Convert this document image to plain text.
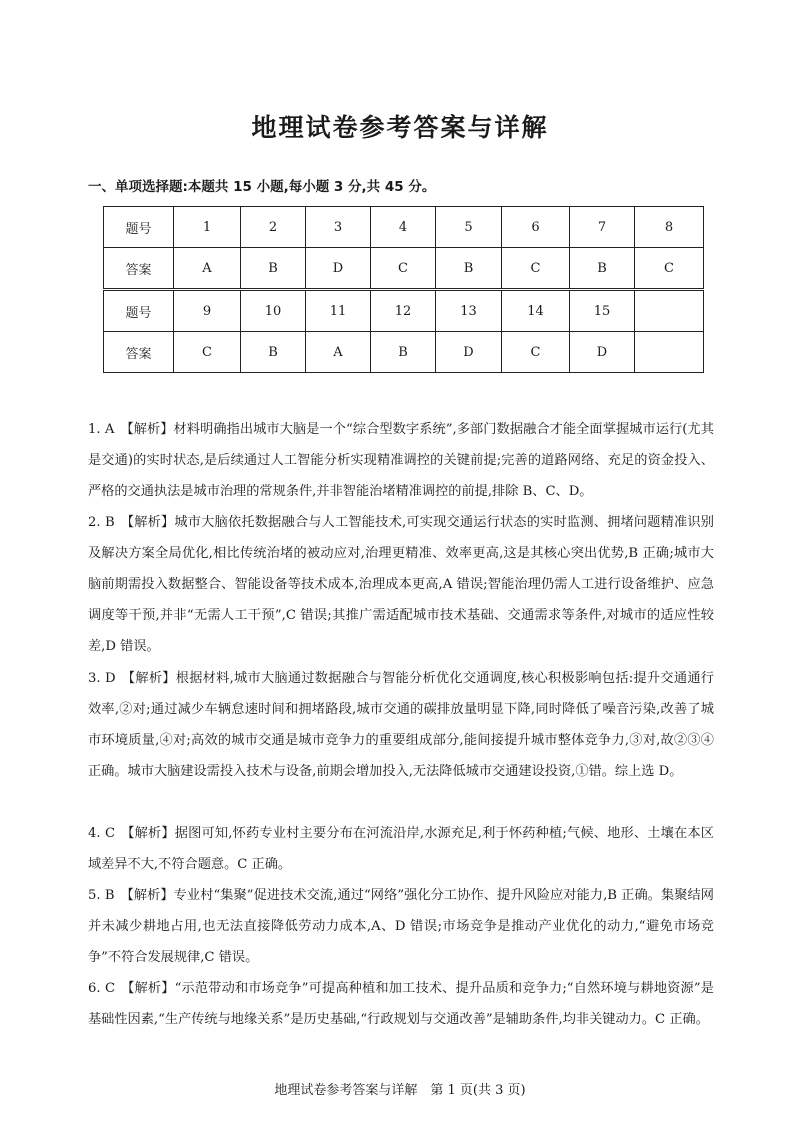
地理试卷参考答案与详解
一、单项选择题:本题共 15 小题,每小题 3 分,共 45 分。
题号	1	2	3	4	5	6	7	8
答案	A	B	D	C	B	C	B	C
题号	9	10	11	12	13	14	15	
答案	C	B	A	B	D	C	D	

1. A 【解析】材料明确指出城市大脑是一个“综合型数字系统”,多部门数据融合才能全面掌握城市运行(尤其是交通)的实时状态,是后续通过人工智能分析实现精准调控的关键前提;完善的道路网络、充足的资金投入、严格的交通执法是城市治理的常规条件,并非智能治堵精准调控的前提,排除 B、C、D。

2. B 【解析】城市大脑依托数据融合与人工智能技术,可实现交通运行状态的实时监测、拥堵问题精准识别及解决方案全局优化,相比传统治堵的被动应对,治理更精准、效率更高,这是其核心突出优势,B 正确;城市大脑前期需投入数据整合、智能设备等技术成本,治理成本更高,A 错误;智能治理仍需人工进行设备维护、应急调度等干预,并非“无需人工干预”,C 错误;其推广需适配城市技术基础、交通需求等条件,对城市的适应性较差,D 错误。

3. D 【解析】根据材料,城市大脑通过数据融合与智能分析优化交通调度,核心积极影响包括:提升交通通行效率,②对;通过减少车辆怠速时间和拥堵路段,城市交通的碳排放量明显下降,同时降低了噪音污染,改善了城市环境质量,④对;高效的城市交通是城市竞争力的重要组成部分,能间接提升城市整体竞争力,③对,故②③④正确。城市大脑建设需投入技术与设备,前期会增加投入,无法降低城市交通建设投资,①错。综上选 D。

4. C 【解析】据图可知,怀药专业村主要分布在河流沿岸,水源充足,利于怀药种植;气候、地形、土壤在本区域差异不大,不符合题意。C 正确。

5. B 【解析】专业村“集聚”促进技术交流,通过“网络”强化分工协作、提升风险应对能力,B 正确。集聚结网并未减少耕地占用,也无法直接降低劳动力成本,A、D 错误;市场竞争是推动产业优化的动力,“避免市场竞争”不符合发展规律,C 错误。

6. C 【解析】“示范带动和市场竞争”可提高种植和加工技术、提升品质和竞争力;“自然环境与耕地资源”是基础性因素,“生产传统与地缘关系”是历史基础,“行政规划与交通改善”是辅助条件,均非关键动力。C 正确。

地理试卷参考答案与详解　第 1 页(共 3 页)
